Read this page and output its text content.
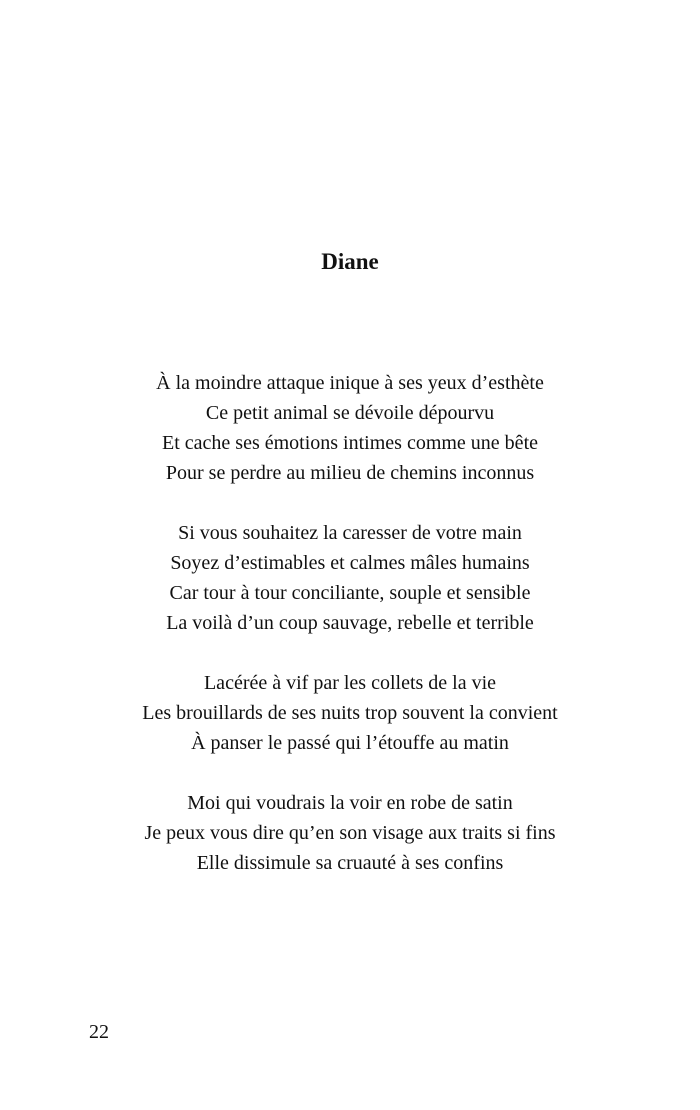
Diane
À la moindre attaque inique à ses yeux d’esthète
Ce petit animal se dévoile dépourvu
Et cache ses émotions intimes comme une bête
Pour se perdre au milieu de chemins inconnus
Si vous souhaitez la caresser de votre main
Soyez d’estimables et calmes mâles humains
Car tour à tour conciliante, souple et sensible
La voilà d’un coup sauvage, rebelle et terrible
Lacérée à vif par les collets de la vie
Les brouillards de ses nuits trop souvent la convient
À panser le passé qui l’étouffe au matin
Moi qui voudrais la voir en robe de satin
Je peux vous dire qu’en son visage aux traits si fins
Elle dissimule sa cruauté à ses confins
22
